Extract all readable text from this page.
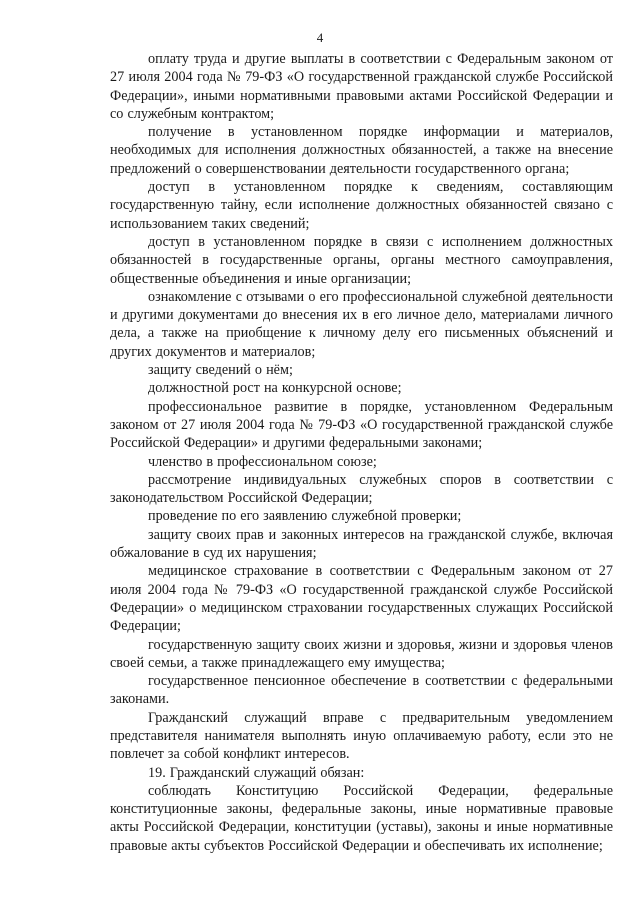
4

оплату труда и другие выплаты в соответствии с Федеральным законом от 27 июля 2004 года № 79-ФЗ «О государственной гражданской службе Российской Федерации», иными нормативными правовыми актами Российской Федерации и со служебным контрактом;

получение в установленном порядке информации и материалов, необходимых для исполнения должностных обязанностей, а также на внесение предложений о совершенствовании деятельности государственного органа;

доступ в установленном порядке к сведениям, составляющим государственную тайну, если исполнение должностных обязанностей связано с использованием таких сведений;

доступ в установленном порядке в связи с исполнением должностных обязанностей в государственные органы, органы местного самоуправления, общественные объединения и иные организации;

ознакомление с отзывами о его профессиональной служебной деятельности и другими документами до внесения их в его личное дело, материалами личного дела, а также на приобщение к личному делу его письменных объяснений и других документов и материалов;

защиту сведений о нём;

должностной рост на конкурсной основе;

профессиональное развитие в порядке, установленном Федеральным законом от 27 июля 2004 года № 79-ФЗ «О государственной гражданской службе Российской Федерации» и другими федеральными законами;

членство в профессиональном союзе;

рассмотрение индивидуальных служебных споров в соответствии с законодательством Российской Федерации;

проведение по его заявлению служебной проверки;

защиту своих прав и законных интересов на гражданской службе, включая обжалование в суд их нарушения;

медицинское страхование в соответствии с Федеральным законом от 27 июля 2004 года № 79-ФЗ «О государственной гражданской службе Российской Федерации» о медицинском страховании государственных служащих Российской Федерации;

государственную защиту своих жизни и здоровья, жизни и здоровья членов своей семьи, а также принадлежащего ему имущества;

государственное пенсионное обеспечение в соответствии с федеральными законами.

Гражданский служащий вправе с предварительным уведомлением представителя нанимателя выполнять иную оплачиваемую работу, если это не повлечет за собой конфликт интересов.

19. Гражданский служащий обязан:

соблюдать Конституцию Российской Федерации, федеральные конституционные законы, федеральные законы, иные нормативные правовые акты Российской Федерации, конституции (уставы), законы и иные нормативные правовые акты субъектов Российской Федерации и обеспечивать их исполнение;
